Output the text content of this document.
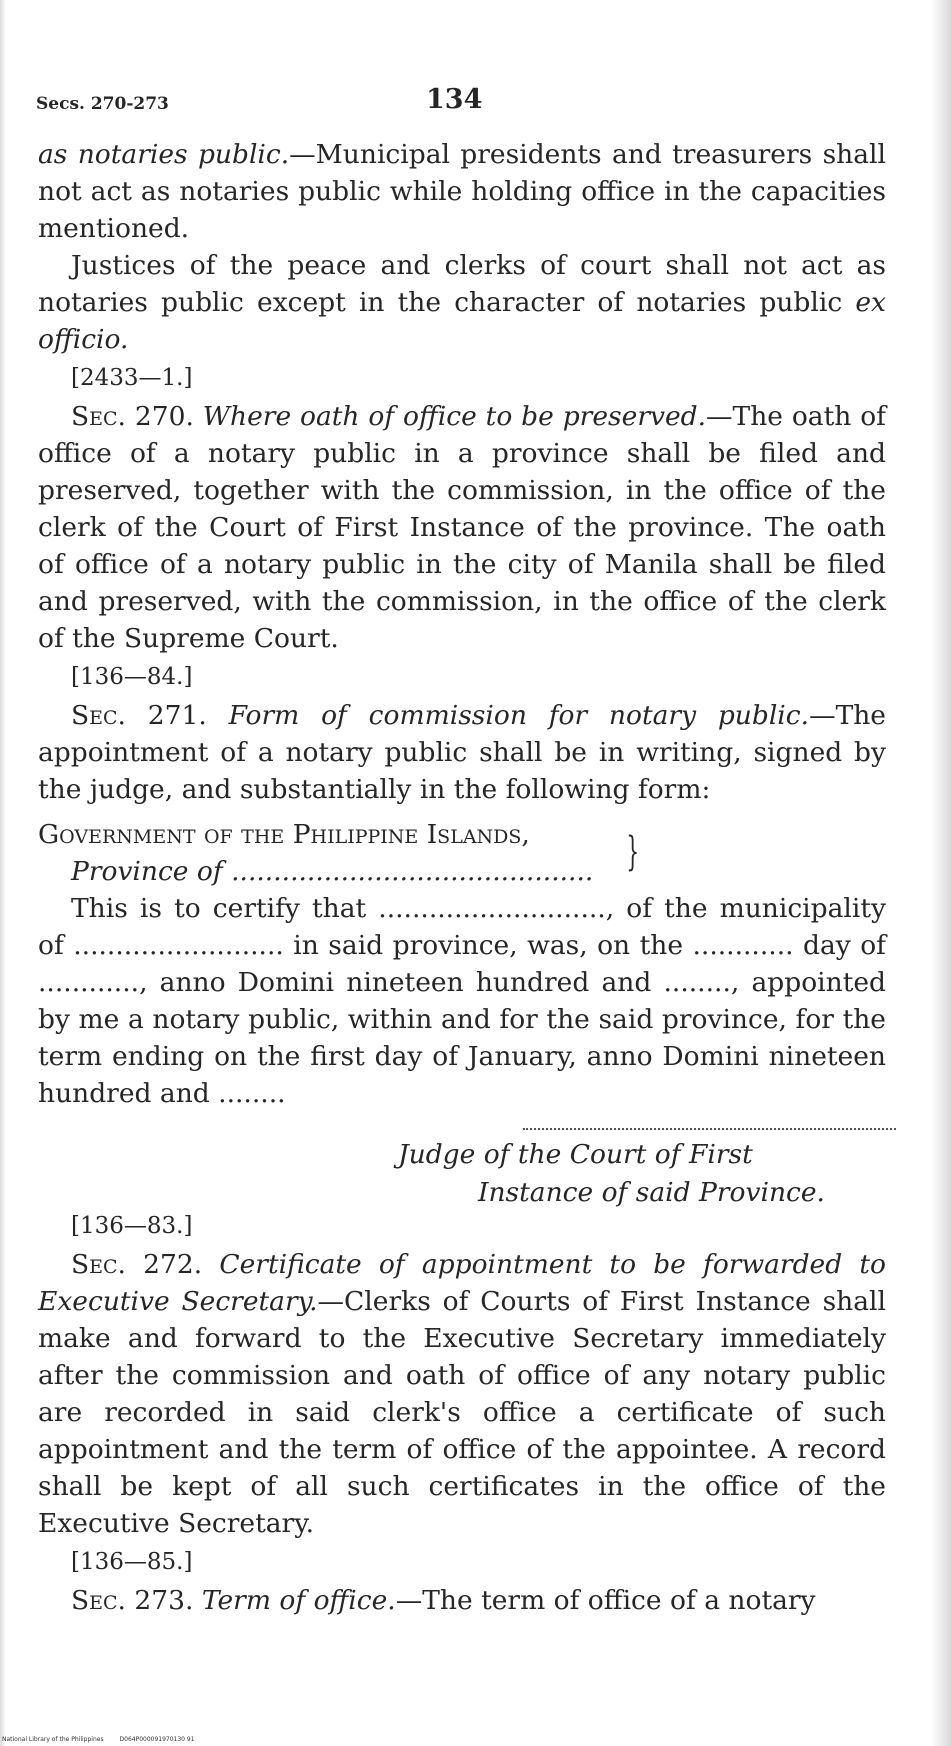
Secs. 270-273	134

as notaries public.—Municipal presidents and treasurers shall not act as notaries public while holding office in the capacities mentioned.

Justices of the peace and clerks of court shall not act as notaries public except in the character of notaries public ex officio.

[2433—1.]

Sec. 270. Where oath of office to be preserved.—The oath of office of a notary public in a province shall be filed and preserved, together with the commission, in the office of the clerk of the Court of First Instance of the province. The oath of office of a notary public in the city of Manila shall be filed and preserved, with the commission, in the office of the clerk of the Supreme Court.

[136—84.]

Sec. 271. Form of commission for notary public.—The appointment of a notary public shall be in writing, signed by the judge, and substantially in the following form:

Government of the Philippine Islands,
Province of ........................................... }

This is to certify that ..........................., of the municipality of ......................... in said province, was, on the ............ day of ............, anno Domini nineteen hundred and ........, appointed by me a notary public, within and for the said province, for the term ending on the first day of January, anno Domini nineteen hundred and ........

Judge of the Court of First
Instance of said Province.

[136—83.]

Sec. 272. Certificate of appointment to be forwarded to Executive Secretary.—Clerks of Courts of First Instance shall make and forward to the Executive Secretary immediately after the commission and oath of office of any notary public are recorded in said clerk's office a certificate of such appointment and the term of office of the appointee. A record shall be kept of all such certificates in the office of the Executive Secretary.

[136—85.]

Sec. 273. Term of office.—The term of office of a notary

National Library of the Philippines	D064P000091970130 91
